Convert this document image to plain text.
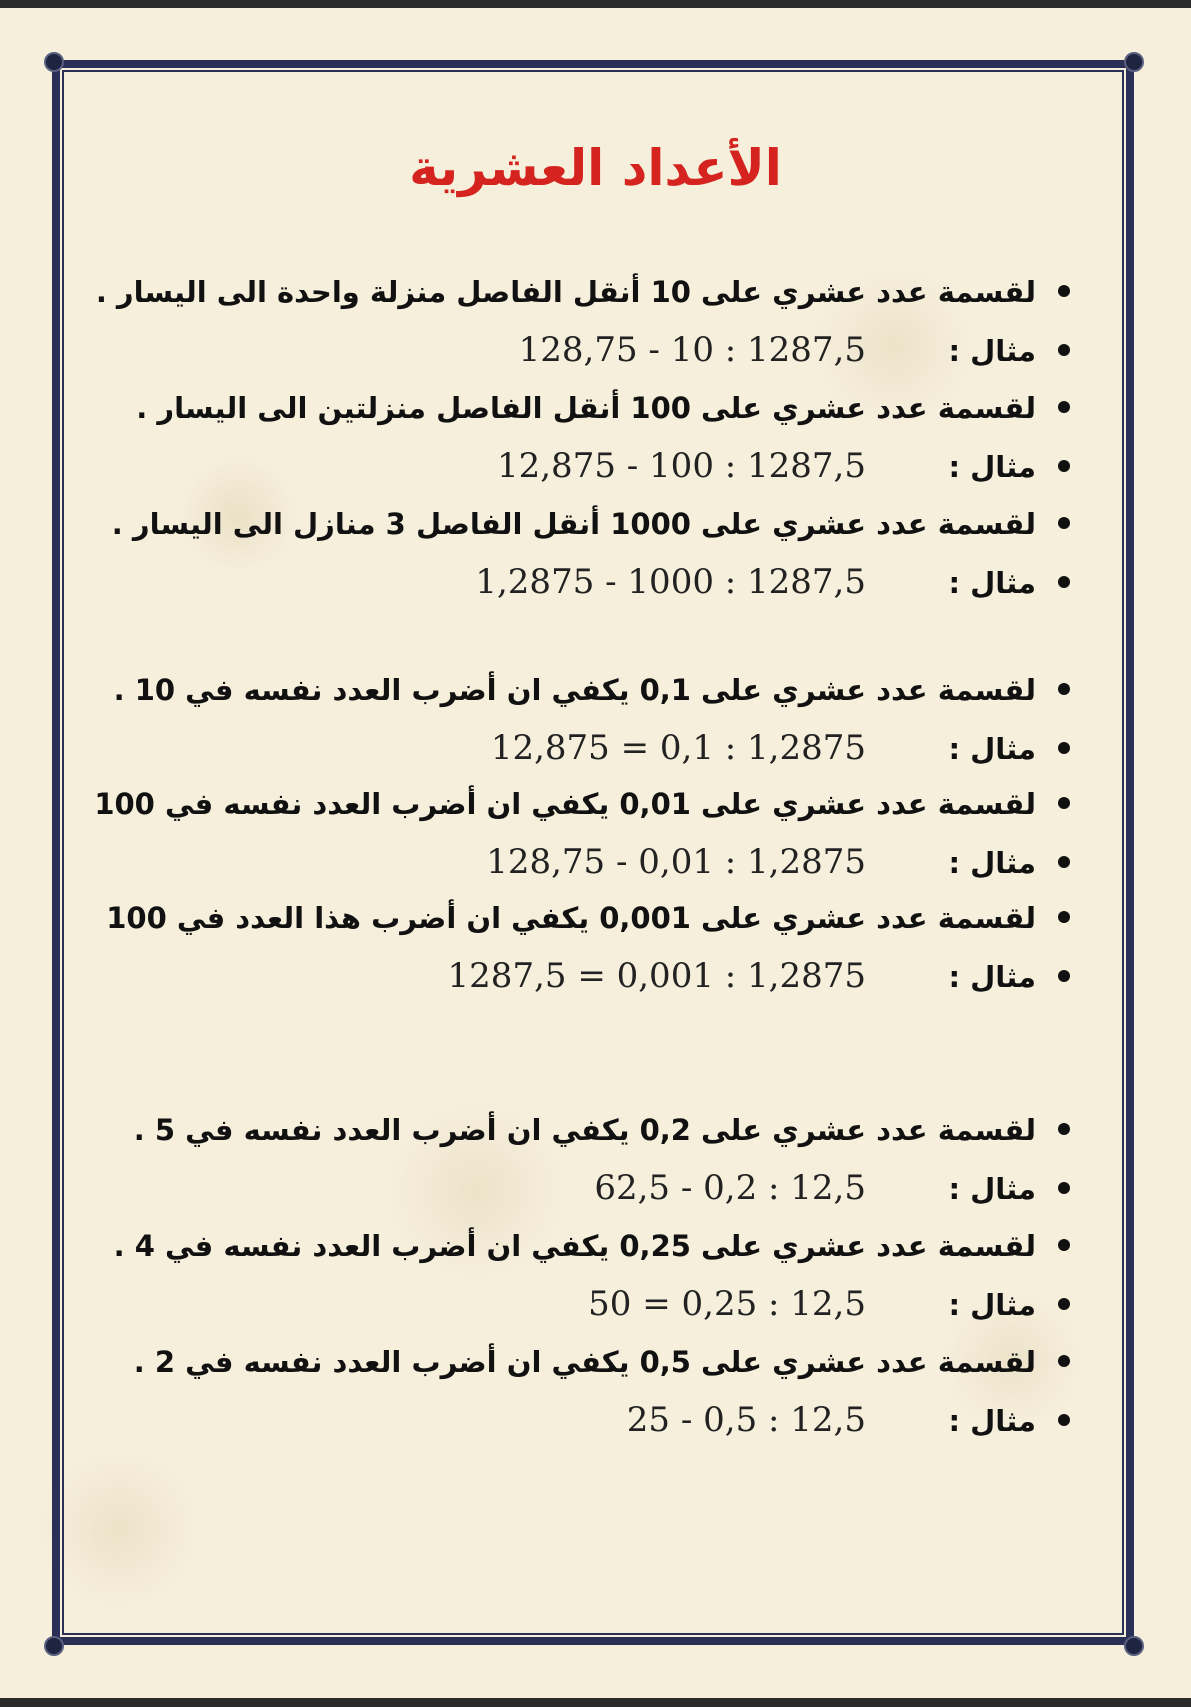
الأعداد العشرية
لقسمة عدد عشري على 10 أنقل الفاصل منزلة واحدة الى اليسار .
مثال :128,75 - 10 : 1287,5
لقسمة عدد عشري على 100 أنقل الفاصل منزلتين الى اليسار .
مثال :12,875 - 100 : 1287,5
لقسمة عدد عشري على 1000 أنقل الفاصل 3 منازل الى اليسار .
مثال :1,2875 - 1000 : 1287,5
لقسمة عدد عشري على 0,1 يكفي ان أضرب العدد نفسه في 10 .
مثال :12,875 = 0,1 : 1,2875
لقسمة عدد عشري على 0,01 يكفي ان أضرب العدد نفسه في 100
مثال :128,75 - 0,01 : 1,2875
لقسمة عدد عشري على 0,001 يكفي ان أضرب هذا العدد في 100
مثال :1287,5 = 0,001 : 1,2875
لقسمة عدد عشري على 0,2 يكفي ان أضرب العدد نفسه في 5 .
مثال :62,5 - 0,2 : 12,5
لقسمة عدد عشري على 0,25 يكفي ان أضرب العدد نفسه في 4 .
مثال :50 = 0,25 : 12,5
لقسمة عدد عشري على 0,5 يكفي ان أضرب العدد نفسه في 2 .
مثال :25 - 0,5 : 12,5
